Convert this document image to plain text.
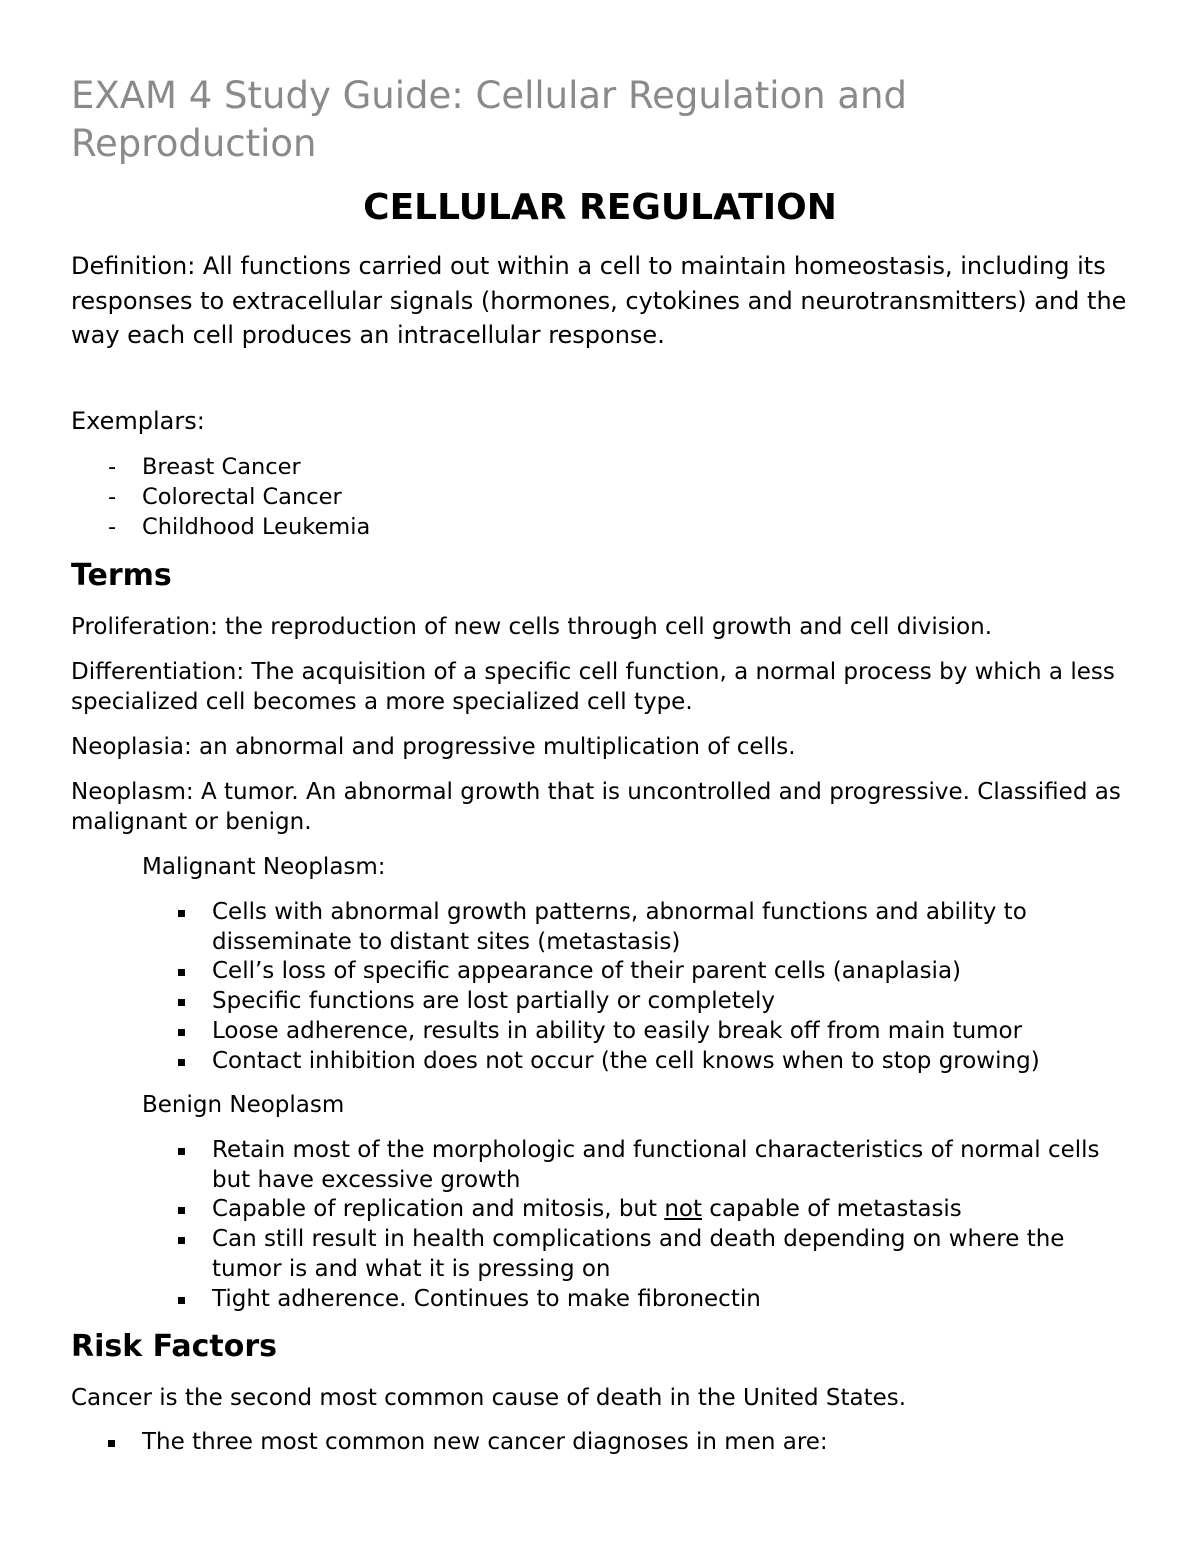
EXAM 4 Study Guide: Cellular Regulation and Reproduction
CELLULAR REGULATION

Definition: All functions carried out within a cell to maintain homeostasis, including its responses to extracellular signals (hormones, cytokines and neurotransmitters) and the way each cell produces an intracellular response.

Exemplars:

- Breast Cancer
- Colorectal Cancer
- Childhood Leukemia
Terms

Proliferation: the reproduction of new cells through cell growth and cell division.

Differentiation: The acquisition of a specific cell function, a normal process by which a less specialized cell becomes a more specialized cell type.

Neoplasia: an abnormal and progressive multiplication of cells.

Neoplasm: A tumor. An abnormal growth that is uncontrolled and progressive. Classified as malignant or benign.

Malignant Neoplasm:

Cells with abnormal growth patterns, abnormal functions and ability to disseminate to distant sites (metastasis)
Cell’s loss of specific appearance of their parent cells (anaplasia)
Specific functions are lost partially or completely
Loose adherence, results in ability to easily break off from main tumor
Contact inhibition does not occur (the cell knows when to stop growing)

Benign Neoplasm

Retain most of the morphologic and functional characteristics of normal cells but have excessive growth
Capable of replication and mitosis, but not capable of metastasis
Can still result in health complications and death depending on where the tumor is and what it is pressing on
Tight adherence. Continues to make fibronectin
Risk Factors

Cancer is the second most common cause of death in the United States.

The three most common new cancer diagnoses in men are:
